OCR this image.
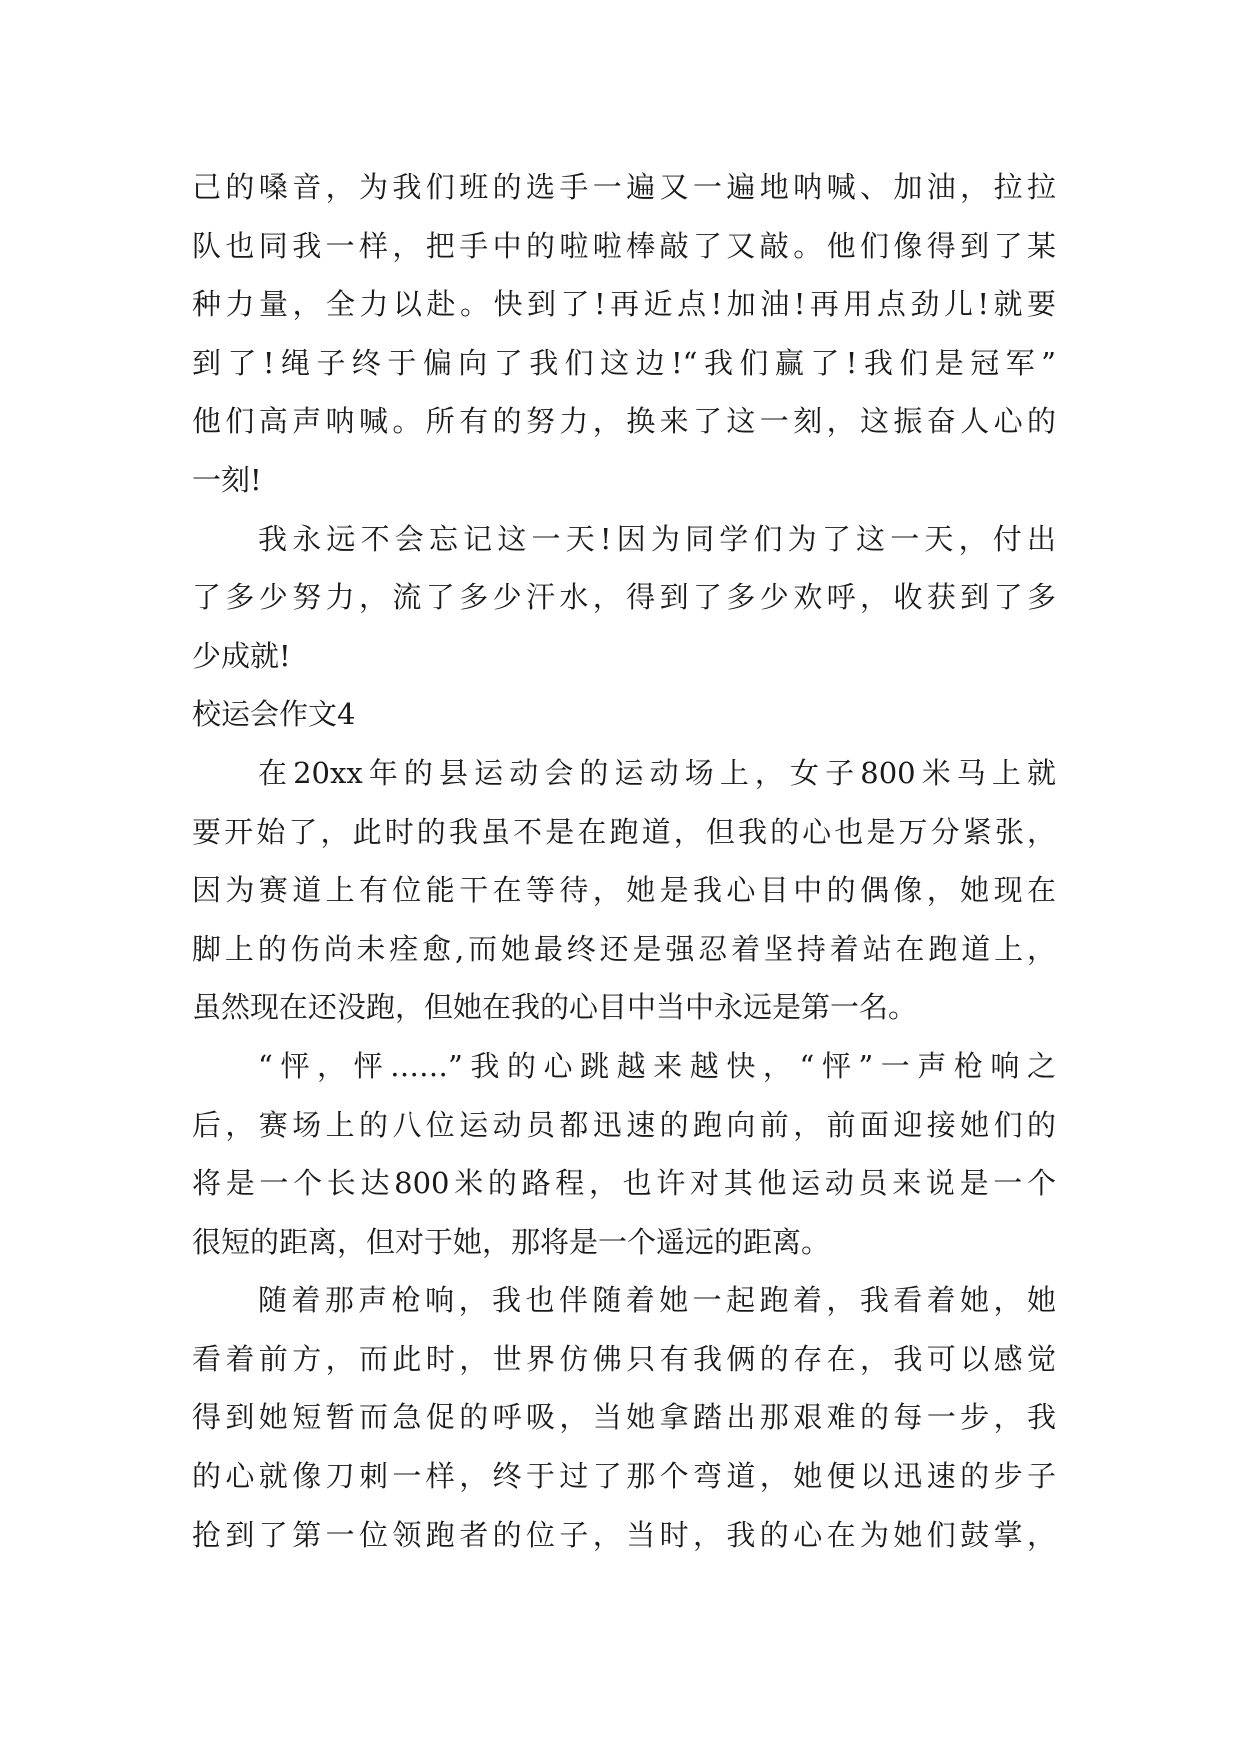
己的嗓音，为我们班的选手一遍又一遍地呐喊、加油，拉拉
队也同我一样，把手中的啦啦棒敲了又敲。他们像得到了某
种力量，全力以赴。快到了!再近点!加油!再用点劲儿!就要
到了!绳子终于偏向了我们这边!“我们赢了!我们是冠军”
他们高声呐喊。所有的努力，换来了这一刻，这振奋人心的
一刻!
我永远不会忘记这一天!因为同学们为了这一天，付出
了多少努力，流了多少汗水，得到了多少欢呼，收获到了多
少成就!
校运会作文4
在20xx年的县运动会的运动场上，女子800米马上就
要开始了，此时的我虽不是在跑道，但我的心也是万分紧张，
因为赛道上有位能干在等待，她是我心目中的偶像，她现在
脚上的伤尚未痊愈,而她最终还是强忍着坚持着站在跑道上，
虽然现在还没跑，但她在我的心目中当中永远是第一名。
“怦，怦……”我的心跳越来越快，“怦”一声枪响之
后，赛场上的八位运动员都迅速的跑向前，前面迎接她们的
将是一个长达800米的路程，也许对其他运动员来说是一个
很短的距离，但对于她，那将是一个遥远的距离。
随着那声枪响，我也伴随着她一起跑着，我看着她，她
看着前方，而此时，世界仿佛只有我俩的存在，我可以感觉
得到她短暂而急促的呼吸，当她拿踏出那艰难的每一步，我
的心就像刀刺一样，终于过了那个弯道，她便以迅速的步子
抢到了第一位领跑者的位子，当时，我的心在为她们鼓掌，
